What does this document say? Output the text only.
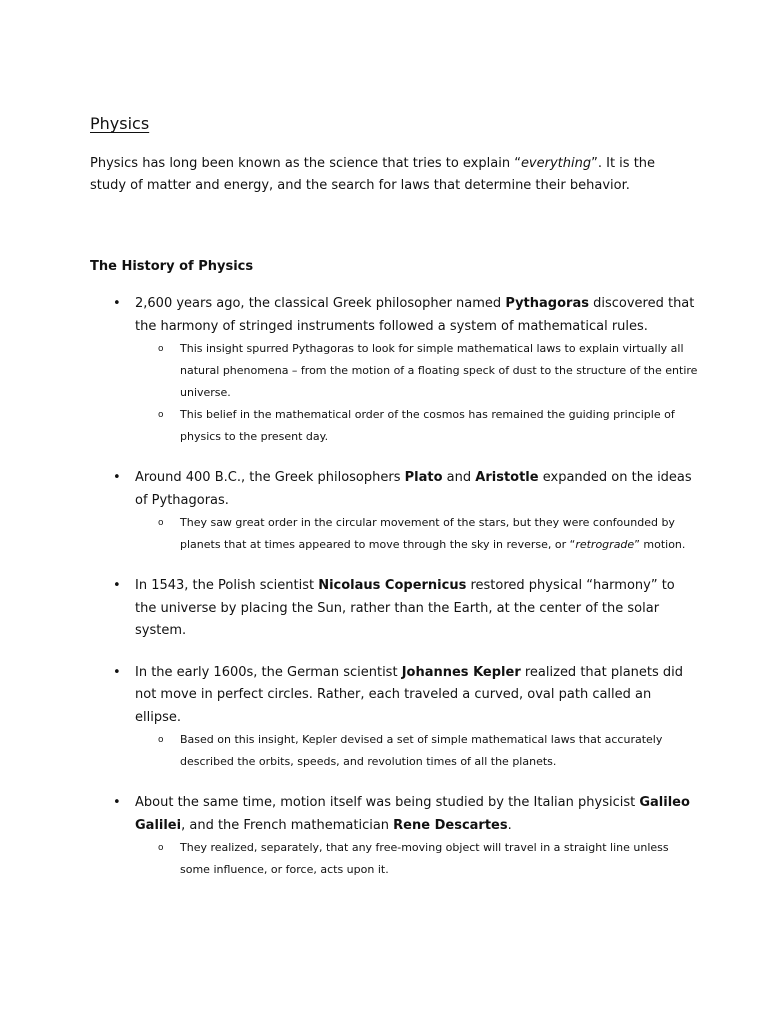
Physics

Physics has long been known as the science that tries to explain “everything”. It is the study of matter and energy, and the search for laws that determine their behavior.

The History of Physics
• 2,600 years ago, the classical Greek philosopher named Pythagoras discovered that the harmony of stringed instruments followed a system of mathematical rules.
o This insight spurred Pythagoras to look for simple mathematical laws to explain virtually all natural phenomena – from the motion of a floating speck of dust to the structure of the entire universe.
o This belief in the mathematical order of the cosmos has remained the guiding principle of physics to the present day.
• Around 400 B.C., the Greek philosophers Plato and Aristotle expanded on the ideas of Pythagoras.
o They saw great order in the circular movement of the stars, but they were confounded by planets that at times appeared to move through the sky in reverse, or “retrograde” motion.
• In 1543, the Polish scientist Nicolaus Copernicus restored physical “harmony” to the universe by placing the Sun, rather than the Earth, at the center of the solar system.
• In the early 1600s, the German scientist Johannes Kepler realized that planets did not move in perfect circles. Rather, each traveled a curved, oval path called an ellipse.
o Based on this insight, Kepler devised a set of simple mathematical laws that accurately described the orbits, speeds, and revolution times of all the planets.
• About the same time, motion itself was being studied by the Italian physicist Galileo Galilei, and the French mathematician Rene Descartes.
o They realized, separately, that any free-moving object will travel in a straight line unless some influence, or force, acts upon it.
